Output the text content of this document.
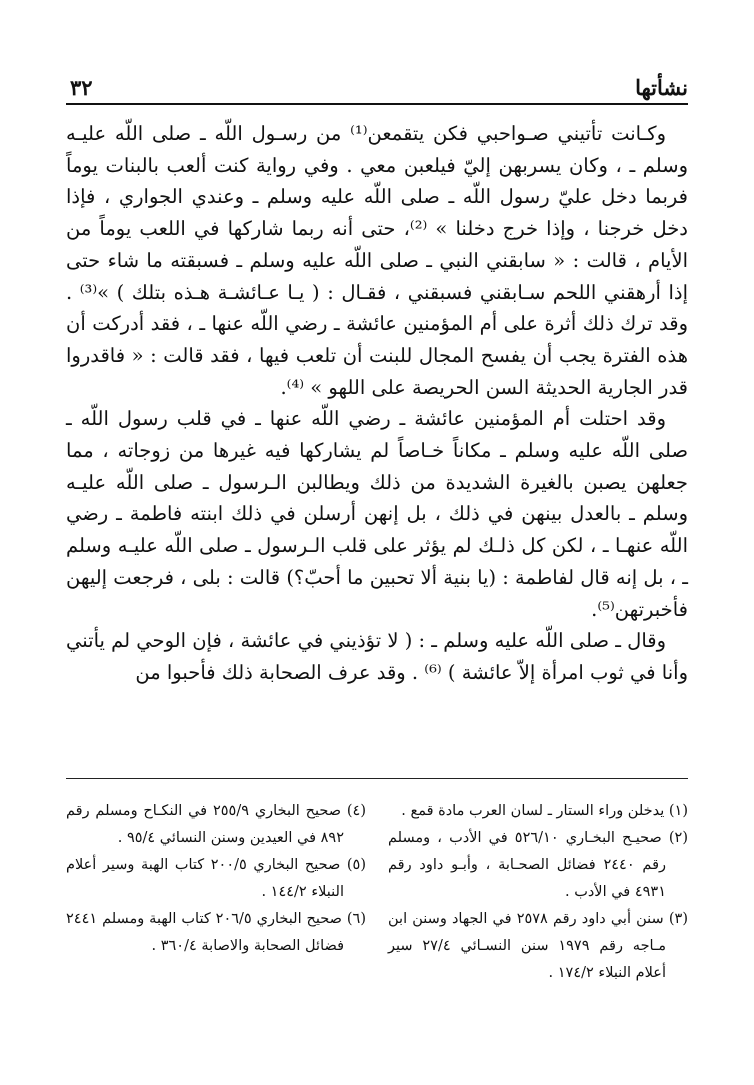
نشأتها
٣٢

وكـانت تأتيني صـواحبي فكن يتقمعن⁽¹⁾ من رسـول اللّه ـ صلى اللّه عليـه وسلم ـ ، وكان يسربهن إليّ فيلعبن معي . وفي رواية كنت ألعب بالبنات يوماً فربما دخل عليّ رسول اللّه ـ صلى اللّه عليه وسلم ـ وعندي الجواري ، فإذا دخل خرجنا ، وإذا خرج دخلنا » ⁽²⁾، حتى أنه ربما شاركها في اللعب يوماً من الأيام ، قالت : « سابقني النبي ـ صلى اللّه عليه وسلم ـ فسبقته ما شاء حتى إذا أرهقني اللحم سـابقني فسبقني ، فقـال : ( يـا عـائشـة هـذه بتلك ) »⁽³⁾ . وقد ترك ذلك أثرة على أم المؤمنين عائشة ـ رضي اللّه عنها ـ ، فقد أدركت أن هذه الفترة يجب أن يفسح المجال للبنت أن تلعب فيها ، فقد قالت : « فاقدروا قدر الجارية الحديثة السن الحريصة على اللهو » ⁽⁴⁾.

وقد احتلت أم المؤمنين عائشة ـ رضي اللّه عنها ـ في قلب رسول اللّه ـ صلى اللّه عليه وسلم ـ مكاناً خـاصاً لم يشاركها فيه غيرها من زوجاته ، مما جعلهن يصبن بالغيرة الشديدة من ذلك ويطالبن الـرسول ـ صلى اللّه عليـه وسلم ـ بالعدل بينهن في ذلك ، بل إنهن أرسلن في ذلك ابنته فاطمة ـ رضي اللّه عنهـا ـ ، لكن كل ذلـك لم يؤثر على قلب الـرسول ـ صلى اللّه عليـه وسلم ـ ، بل إنه قال لفاطمة : (يا بنية ألا تحبين ما أحبّ؟) قالت : بلى ، فرجعت إليهن فأخبرتهن⁽⁵⁾.

وقال ـ صلى اللّه عليه وسلم ـ : ( لا تؤذيني في عائشة ، فإن الوحي لم يأتني وأنا في ثوب امرأة إلاّ عائشة ) ⁽⁶⁾ . وقد عرف الصحابة ذلك فأحبوا من

(١) يدخلن وراء الستار ـ لسان العرب مادة قمع .

(٢) صحيـح البخـاري ٥٢٦/١٠ في الأدب ، ومسلم رقم ٢٤٤٠ فضائل الصحـابة ، وأبـو داود رقم ٤٩٣١ في الأدب .

(٣) سنن أبي داود رقم ٢٥٧٨ في الجهاد وسنن ابن مـاجه رقم ١٩٧٩ سنن النسـائي ٢٧/٤ سير أعلام النبلاء ١٧٤/٢ .

(٤) صحيح البخاري ٢٥٥/٩ في النكـاح ومسلم رقم ٨٩٢ في العيدين وسنن النسائي ٩٥/٤ .

(٥) صحيح البخاري ٢٠٠/٥ كتاب الهبة وسير أعلام النبلاء ١٤٤/٢ .

(٦) صحيح البخاري ٢٠٦/٥ كتاب الهبة ومسلم ٢٤٤١ فضائل الصحابة والاصابة ٣٦٠/٤ .
